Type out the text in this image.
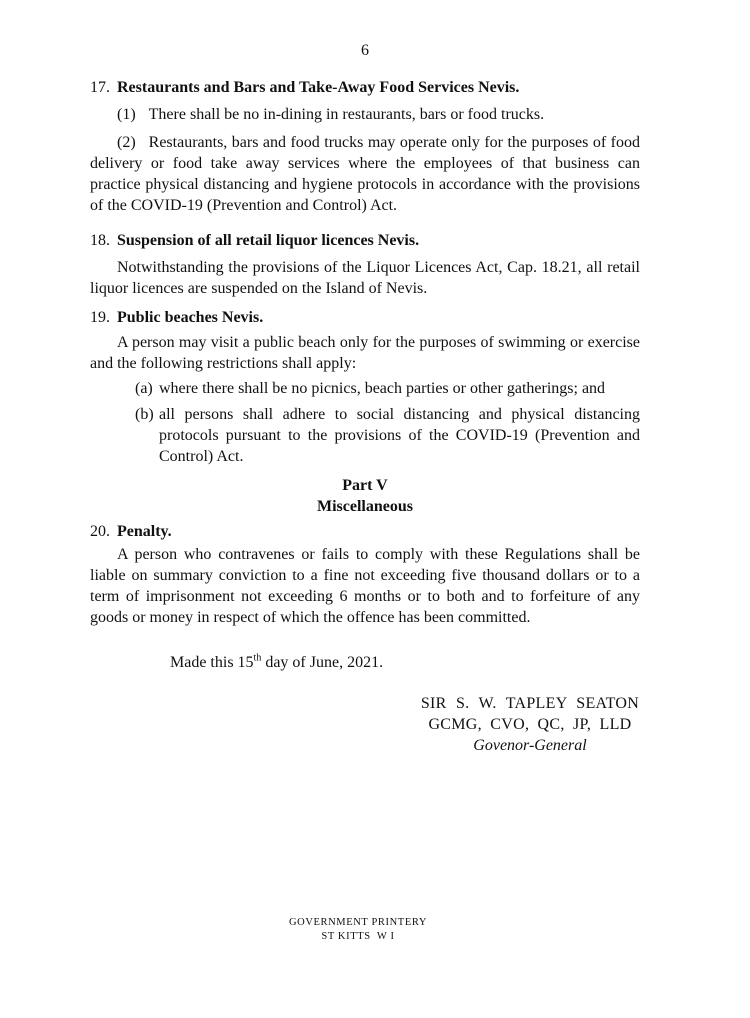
6
17. Restaurants and Bars and Take-Away Food Services Nevis.

(1) There shall be no in-dining in restaurants, bars or food trucks.

(2) Restaurants, bars and food trucks may operate only for the purposes of food delivery or food take away services where the employees of that business can practice physical distancing and hygiene protocols in accordance with the provisions of the COVID-19 (Prevention and Control) Act.

18. Suspension of all retail liquor licences Nevis.

Notwithstanding the provisions of the Liquor Licences Act, Cap. 18.21, all retail liquor licences are suspended on the Island of Nevis.

19. Public beaches Nevis.

A person may visit a public beach only for the purposes of swimming or exercise and the following restrictions shall apply:

(a) where there shall be no picnics, beach parties or other gatherings; and
(b) all persons shall adhere to social distancing and physical distancing protocols pursuant to the provisions of the COVID-19 (Prevention and Control) Act.
Part V
Miscellaneous
20. Penalty.

A person who contravenes or fails to comply with these Regulations shall be liable on summary conviction to a fine not exceeding five thousand dollars or to a term of imprisonment not exceeding 6 months or to both and to forfeiture of any goods or money in respect of which the offence has been committed.

Made this 15th day of June, 2021.

SIR S. W. TAPLEY SEATON
GCMG, CVO, QC, JP, LLD
Govenor-General
GOVERNMENT PRINTERY
ST KITTS  W I
